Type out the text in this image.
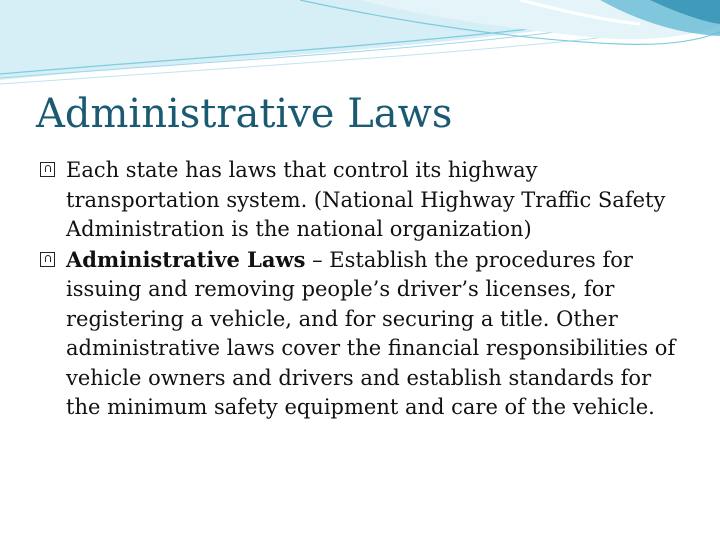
Administrative Laws

Each state has laws that control its highway transportation system. (National Highway Traffic Safety Administration is the national organization)

Administrative Laws – Establish the procedures for issuing and removing people’s driver’s licenses, for registering a vehicle, and for securing a title. Other administrative laws cover the financial responsibilities of vehicle owners and drivers and establish standards for the minimum safety equipment and care of the vehicle.
